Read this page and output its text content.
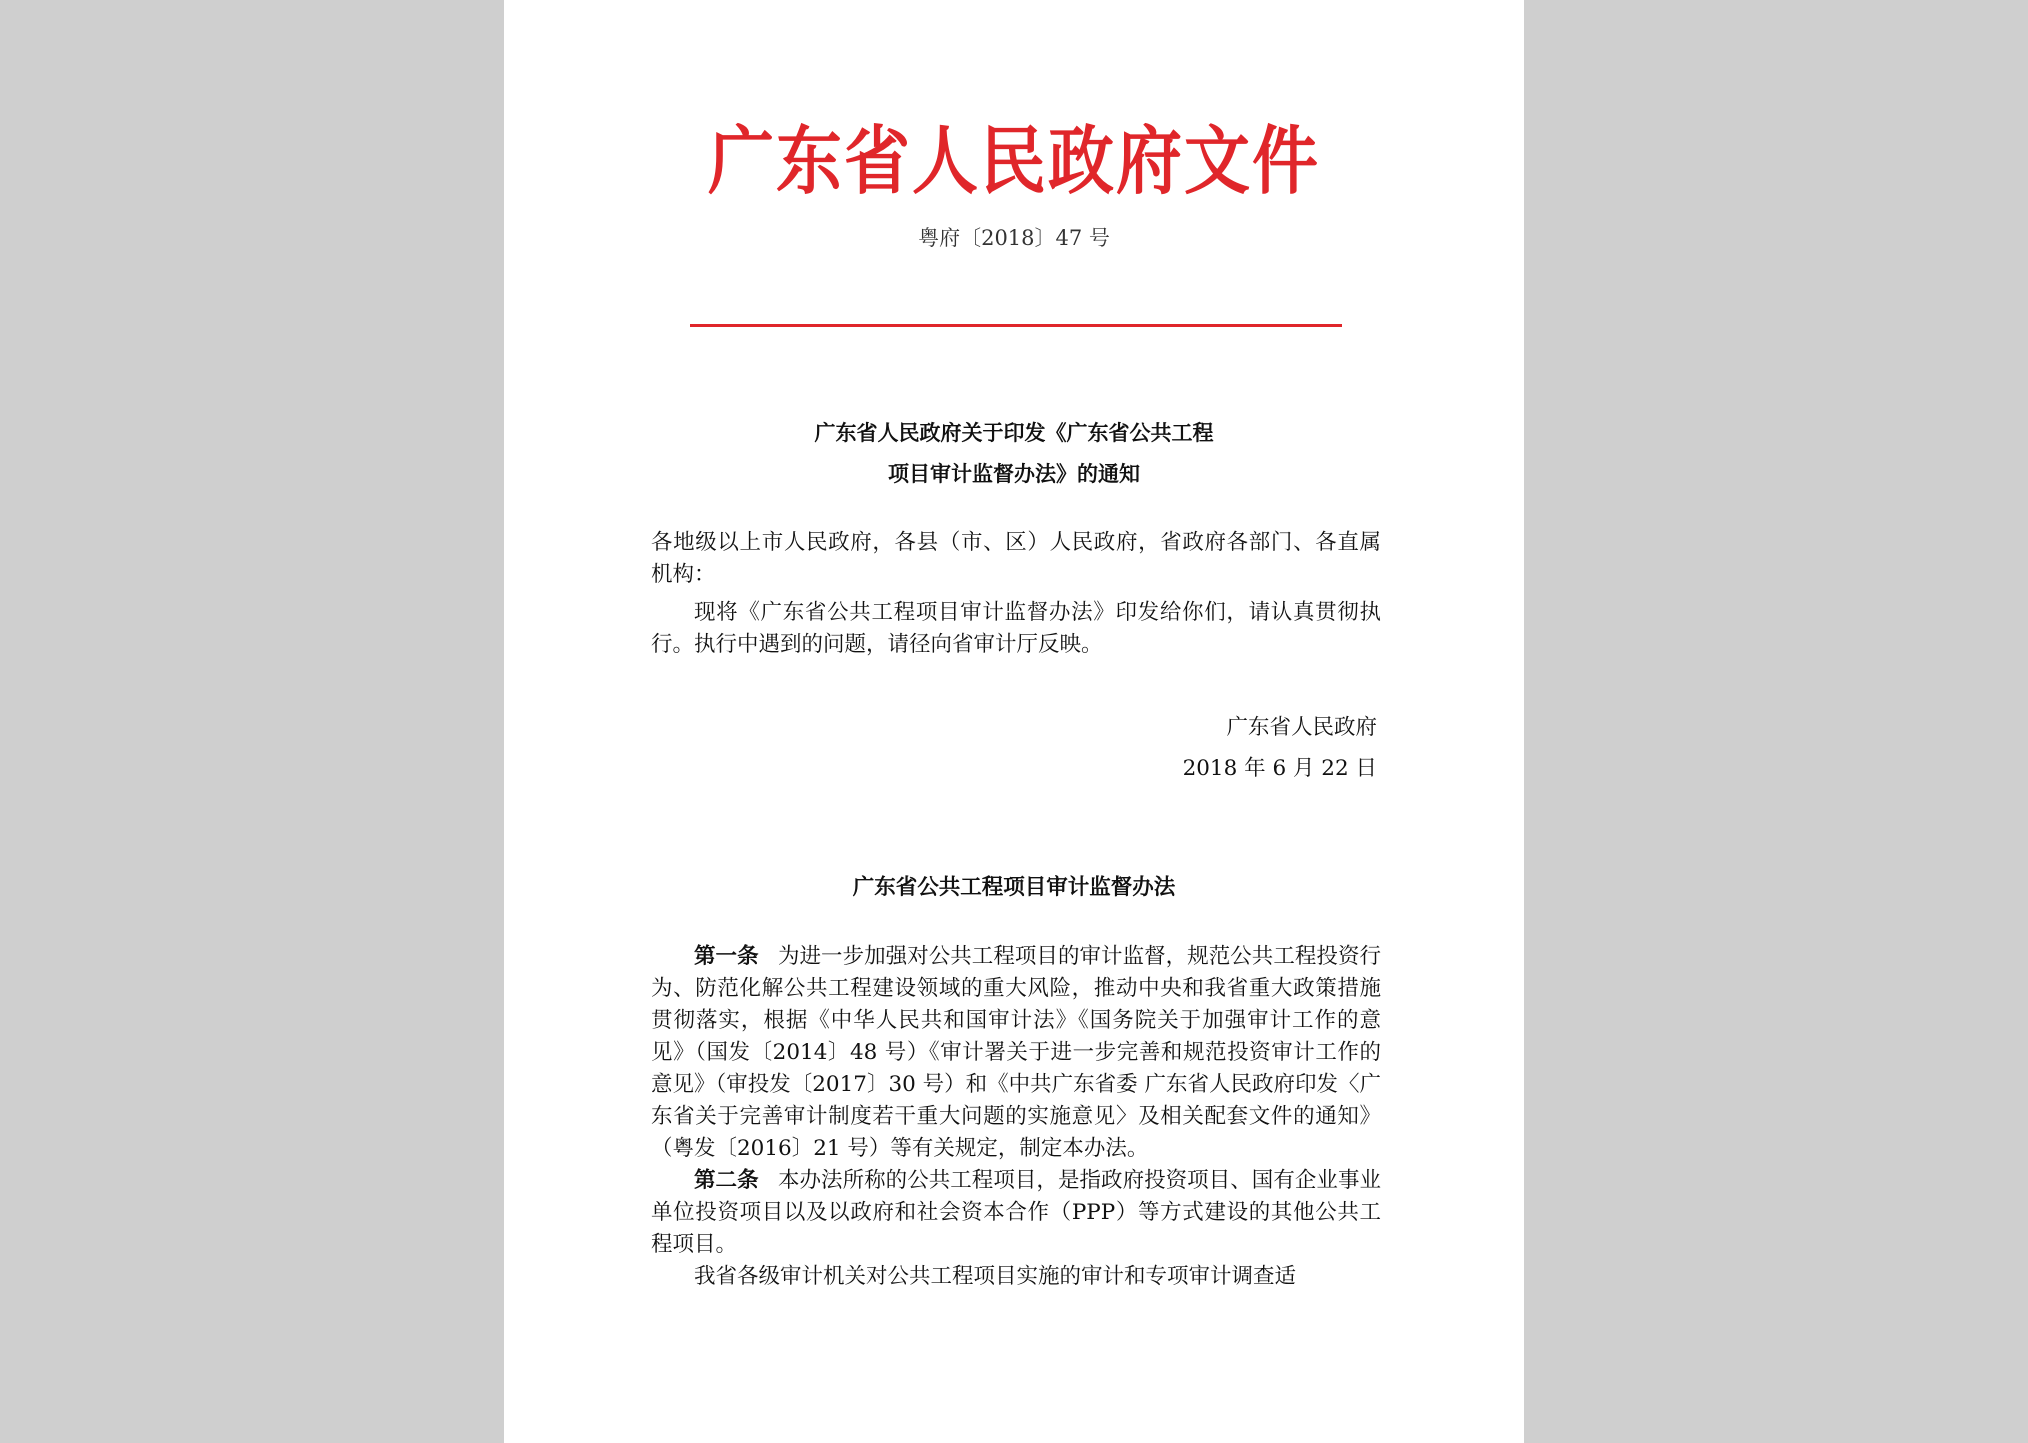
广东省人民政府文件
粤府〔2018〕47 号
广东省人民政府关于印发《广东省公共工程
项目审计监督办法》的通知

各地级以上市人民政府，各县（市、区）人民政府，省政府各部门、各直属机构：

现将《广东省公共工程项目审计监督办法》印发给你们，请认真贯彻执行。执行中遇到的问题，请径向省审计厅反映。

广东省人民政府
2018 年 6 月 22 日
广东省公共工程项目审计监督办法

第一条 为进一步加强对公共工程项目的审计监督，规范公共工程投资行为、防范化解公共工程建设领域的重大风险，推动中央和我省重大政策措施贯彻落实，根据《中华人民共和国审计法》《国务院关于加强审计工作的意见》（国发〔2014〕48 号）《审计署关于进一步完善和规范投资审计工作的意见》（审投发〔2017〕30 号）和《中共广东省委 广东省人民政府印发〈广东省关于完善审计制度若干重大问题的实施意见〉及相关配套文件的通知》（粤发〔2016〕21 号）等有关规定，制定本办法。

第二条 本办法所称的公共工程项目，是指政府投资项目、国有企业事业单位投资项目以及以政府和社会资本合作（PPP）等方式建设的其他公共工程项目。

我省各级审计机关对公共工程项目实施的审计和专项审计调查适
